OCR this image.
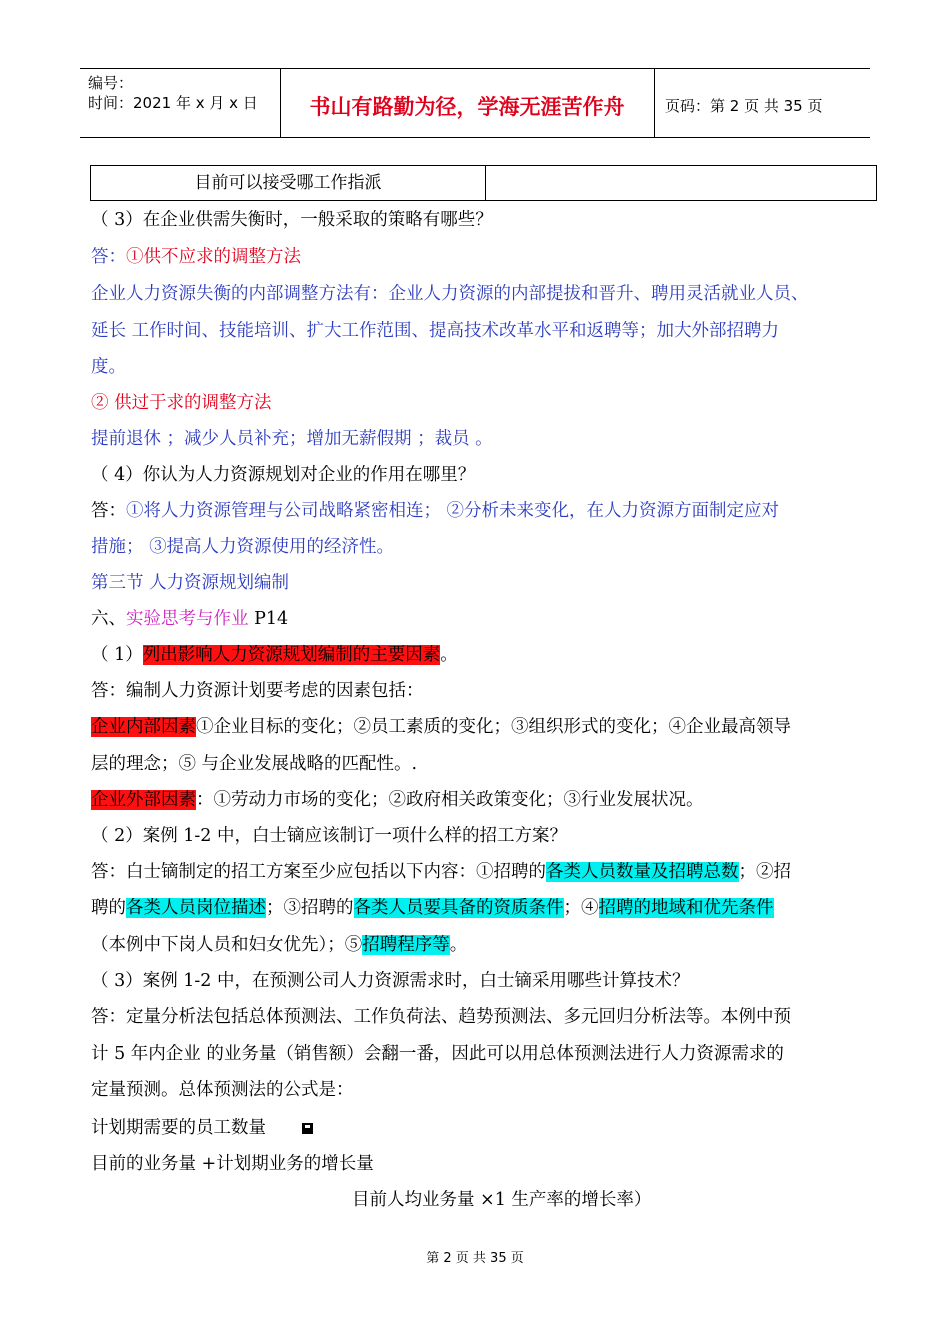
编号：
时间：2021 年 x 月 x 日	书山有路勤为径，学海无涯苦作舟	页码：第 2 页 共 35 页
目前可以接受哪工作指派
（ 3）在企业供需失衡时，一般采取的策略有哪些？
答：①供不应求的调整方法
企业人力资源失衡的内部调整方法有：企业人力资源的内部提拔和晋升、聘用灵活就业人员、
延长 工作时间、技能培训、扩大工作范围、提高技术改革水平和返聘等；加大外部招聘力
度。
② 供过于求的调整方法
提前退休 ；减少人员补充；增加无薪假期 ；裁员 。
（ 4）你认为人力资源规划对企业的作用在哪里？
答：①将人力资源管理与公司战略紧密相连； ②分析未来变化，在人力资源方面制定应对
措施； ③提高人力资源使用的经济性。
第三节 人力资源规划编制
六、实验思考与作业 P14
（ 1）列出影响人力资源规划编制的主要因素。
答：编制人力资源计划要考虑的因素包括：
企业内部因素①企业目标的变化；②员工素质的变化；③组织形式的变化；④企业最高领导
层的理念；⑤ 与企业发展战略的匹配性。.
企业外部因素：①劳动力市场的变化；②政府相关政策变化；③行业发展状况。
（ 2）案例 1-2 中，白士镝应该制订一项什么样的招工方案？
答：白士镝制定的招工方案至少应包括以下内容：①招聘的各类人员数量及招聘总数；②招
聘的各类人员岗位描述；③招聘的各类人员要具备的资质条件；④招聘的地域和优先条件
（本例中下岗人员和妇女优先）；⑤招聘程序等。
（ 3）案例 1-2 中，在预测公司人力资源需求时，白士镝采用哪些计算技术？
答：定量分析法包括总体预测法、工作负荷法、趋势预测法、多元回归分析法等。本例中预
计 5 年内企业 的业务量（销售额）会翻一番，因此可以用总体预测法进行人力资源需求的
定量预测。总体预测法的公式是：
计划期需要的员工数量
目前的业务量 +计划期业务的增长量
目前人均业务量 ×1 生产率的增长率）
第 2 页 共 35 页
